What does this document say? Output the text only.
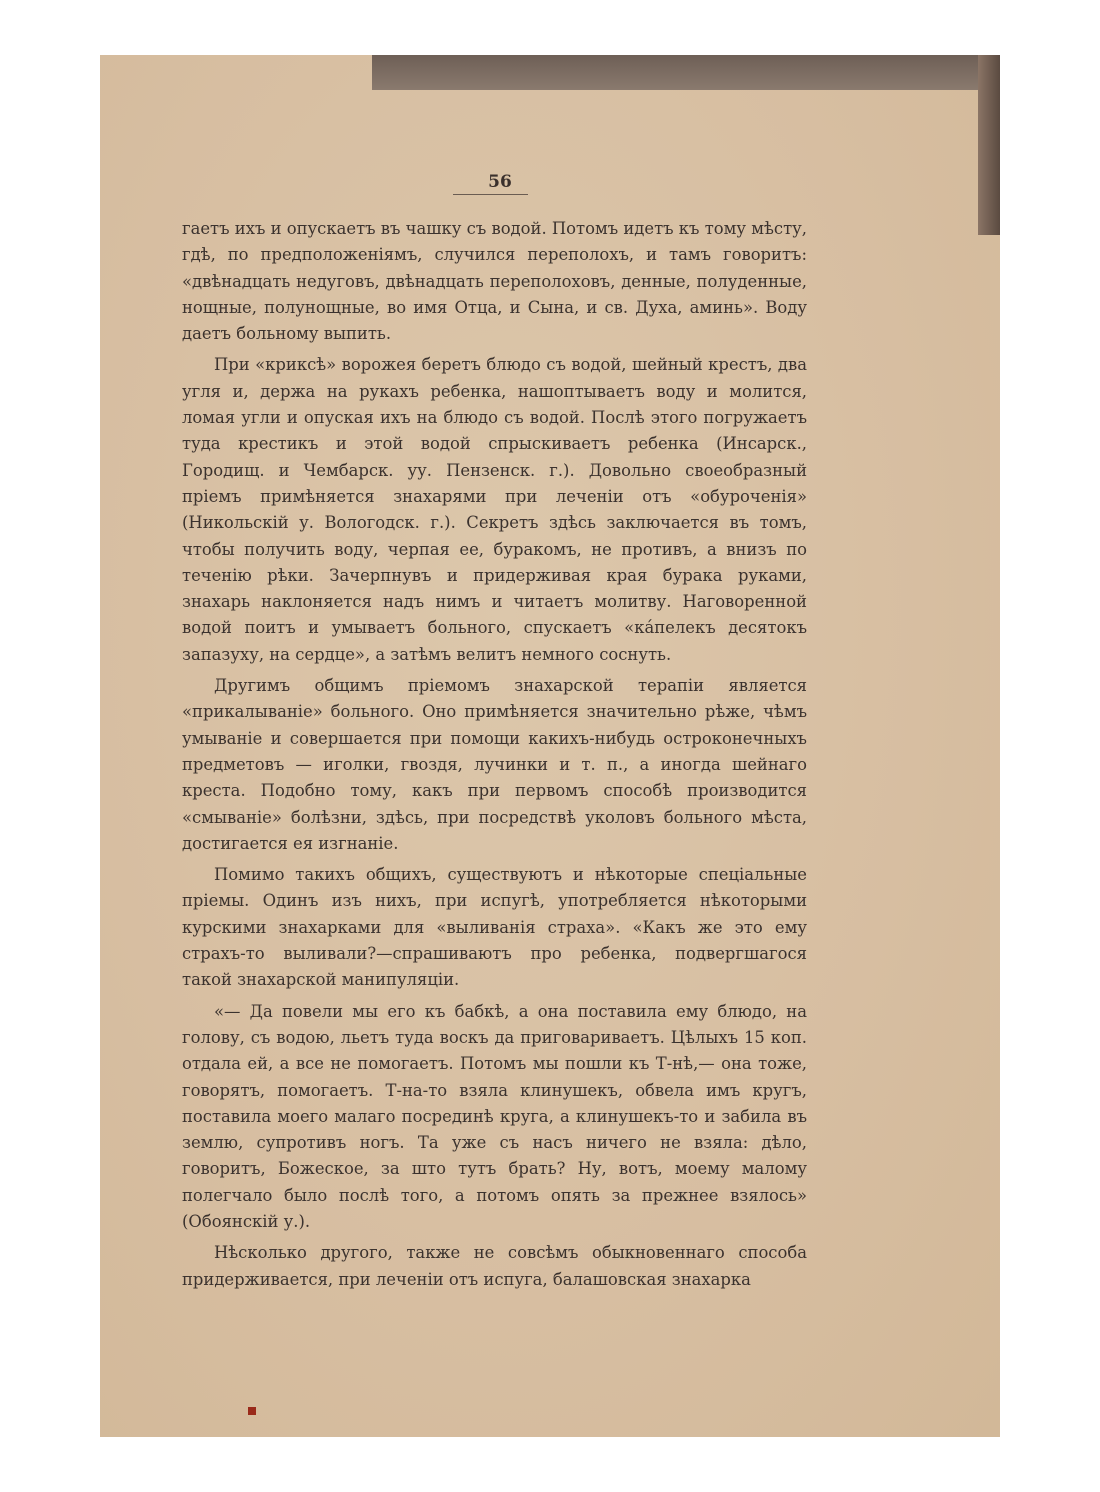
56

гаетъ ихъ и опускаетъ въ чашку съ водой. Потомъ идетъ къ тому мѣсту, гдѣ, по предположеніямъ, случился переполохъ, и тамъ говоритъ: «двѣнадцать недуговъ, двѣнадцать переполоховъ, денные, полуденные, нощные, полунощные, во имя Отца, и Сына, и св. Духа, аминь». Воду даетъ больному выпить.

При «криксѣ» ворожея беретъ блюдо съ водой, шейный крестъ, два угля и, держа на рукахъ ребенка, нашоптываетъ воду и молится, ломая угли и опуская ихъ на блюдо съ водой. Послѣ этого погружаетъ туда крестикъ и этой водой спрыскиваетъ ребенка (Инсарск., Городищ. и Чембарск. уу. Пензенск. г.). Довольно своеобразный пріемъ примѣняется знахарями при леченіи отъ «обуроченія» (Никольскій у. Вологодск. г.). Секретъ здѣсь заключается въ томъ, чтобы получить воду, черпая ее, буракомъ, не противъ, а внизъ по теченію рѣки. Зачерпнувъ и придерживая края бурака руками, знахарь наклоняется надъ нимъ и читаетъ молитву. Наговоренной водой поитъ и умываетъ больного, спускаетъ «кáпелекъ десятокъ запазуху, на сердце», а затѣмъ велитъ немного соснуть.

Другимъ общимъ пріемомъ знахарской терапіи является «прикалываніе» больного. Оно примѣняется значительно рѣже, чѣмъ умываніе и совершается при помощи какихъ-нибудь остроконечныхъ предметовъ — иголки, гвоздя, лучинки и т. п., а иногда шейнаго креста. Подобно тому, какъ при первомъ способѣ производится «смываніе» болѣзни, здѣсь, при посредствѣ уколовъ больного мѣста, достигается ея изгнаніе.

Помимо такихъ общихъ, существуютъ и нѣкоторые спеціальные пріемы. Одинъ изъ нихъ, при испугѣ, употребляется нѣкоторыми курскими знахарками для «выливанія страха». «Какъ же это ему страхъ-то выливали?—спрашиваютъ про ребенка, подвергшагося такой знахарской манипуляціи.

«— Да повели мы его къ бабкѣ, а она поставила ему блюдо, на голову, съ водою, льетъ туда воскъ да приговариваетъ. Цѣлыхъ 15 коп. отдала ей, а все не помогаетъ. Потомъ мы пошли къ Т-нѣ,— она тоже, говорятъ, помогаетъ. Т-на-то взяла клинушекъ, обвела имъ кругъ, поставила моего малаго посрединѣ круга, а клинушекъ-то и забила въ землю, супротивъ ногъ. Та уже съ насъ ничего не взяла: дѣло, говоритъ, Божеское, за што тутъ брать? Ну, вотъ, моему малому полегчало было послѣ того, а потомъ опять за прежнее взялось» (Обоянскій у.).

Нѣсколько другого, также не совсѣмъ обыкновеннаго способа придерживается, при леченіи отъ испуга, балашовская знахарка
